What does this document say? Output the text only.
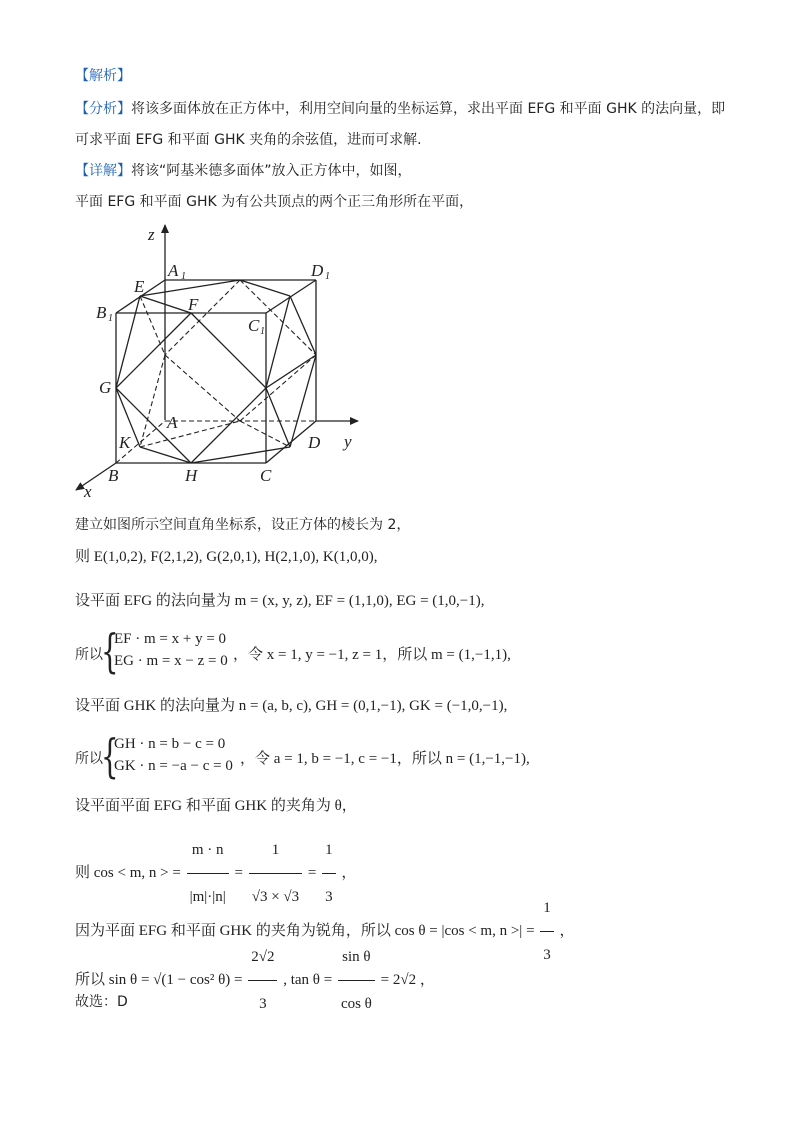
【解析】
【分析】将该多面体放在正方体中，利用空间向量的坐标运算，求出平面 EFG 和平面 GHK 的法向量，即
可求平面 EFG 和平面 GHK 夹角的余弦值，进而可求解.
【详解】将该“阿基米德多面体”放入正方体中，如图，
平面 EFG 和平面 GHK 为有公共顶点的两个正三角形所在平面，
z
y
x
A 1	D 1
B 1	C 1
E
F
G
A
K	D
B	H	C
建立如图所示空间直角坐标系，设正方体的棱长为 2，
则 E(1,0,2), F(2,1,2), G(2,0,1), H(2,1,0), K(1,0,0),
设平面 EFG 的法向量为 m = (x, y, z), EF = (1,1,0), EG = (1,0,−1),
所以
{
EF · m = x + y = 0
EG · m = x − z = 0 ，令 x = 1, y = −1, z = 1，所以 m = (1,−1,1),
设平面 GHK 的法向量为 n = (a, b, c), GH = (0,1,−1), GK = (−1,0,−1),
所以
{
GH · n = b − c = 0
GK · n = −a − c = 0 ，令 a = 1, b = −1, c = −1，所以 n = (1,−1,−1),
设平面平面 EFG 和平面 GHK 的夹角为 θ，
则 cos < m, n > = $\frac{m \cdot n}{|m|\cdot|n|} = \frac{1}{√3 \times √3} = \frac{1}{3}$ ，
因为平面 EFG 和平面 GHK 的夹角为锐角，所以 cos θ = |cos < m, n >| = $\frac{1}{3}$ ，
所以 sin θ = √(1 − cos² $\theta) = \frac{2√2}{3}$ , $\tan \theta = \frac{\text{sin θ}}{\text{cos θ}} = 2√2$ ，
故选：D
